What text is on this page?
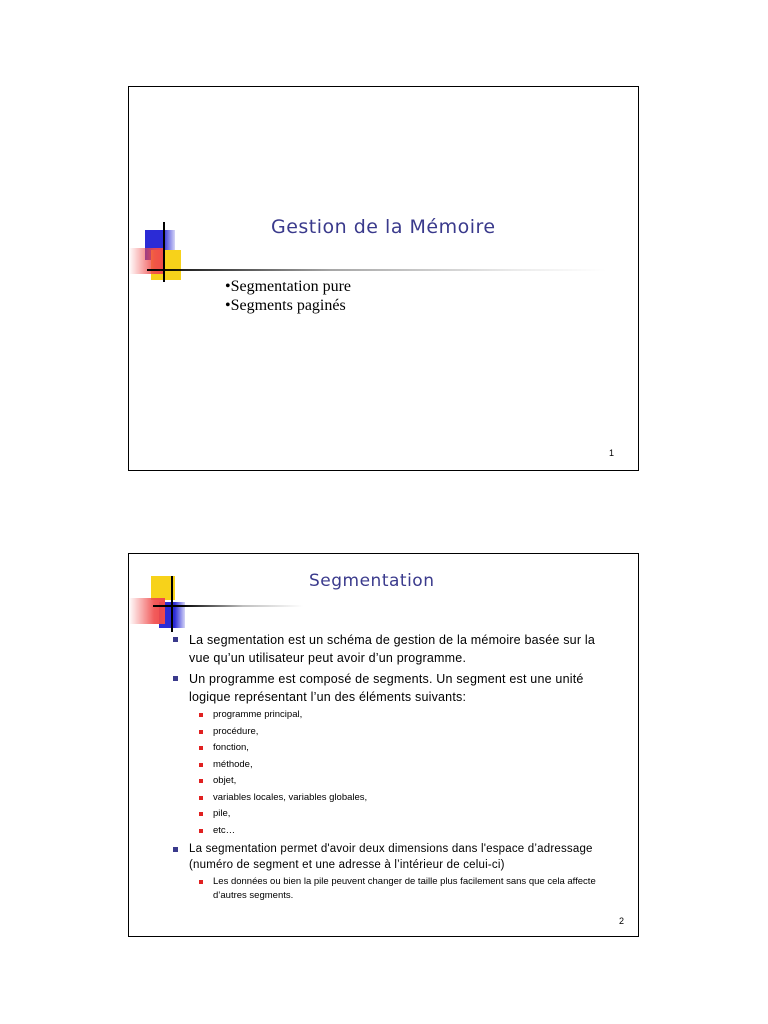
Gestion de la Mémoire
•Segmentation pure
•Segments paginés
1
Segmentation
La segmentation est un schéma de gestion de la mémoire basée sur la vue qu’un utilisateur peut avoir d’un programme.
Un programme est composé de segments. Un segment est une unité logique représentant l’un des éléments suivants:
programme principal,
procédure,
fonction,
méthode,
objet,
variables locales, variables globales,
pile,
etc…
La segmentation permet d'avoir deux dimensions dans l'espace d’adressage (numéro de segment et une adresse à l’intérieur de celui-ci)
Les données ou bien la pile peuvent changer de taille plus facilement sans que cela affecte d’autres segments.
2
